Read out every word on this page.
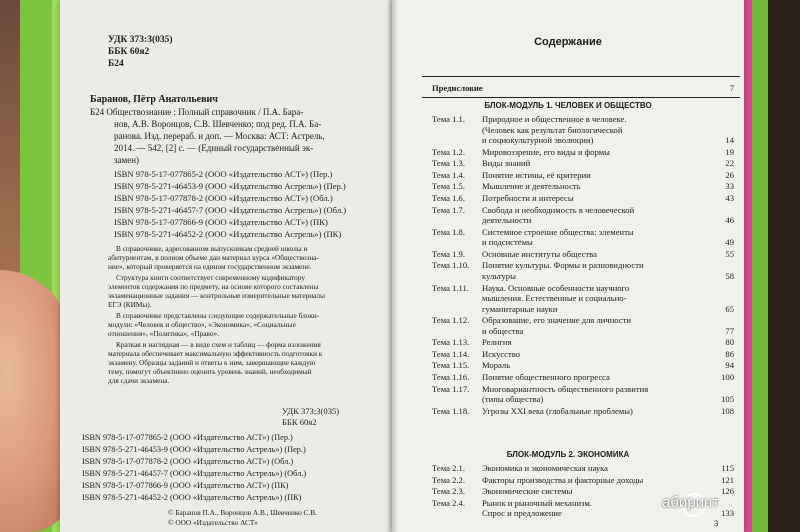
УДК 373:3(035)
ББК 60я2
Б24
Баранов, Пётр Анатольевич
Б24 Обществознание : Полный справочник / П.А. Бара-
нов, А.В. Воронцов, С.В. Шевченко; под ред. П.А. Ба-
ранова. Изд. перераб. и доп. — Москва: АСТ: Астрель,
2014. — 542, [2] с. — (Единый государственный эк-
замен)
ISBN 978-5-17-077865-2 (ООО «Издательство АСТ») (Пер.)
ISBN 978-5-271-46453-9 (ООО «Издательство Астрель») (Пер.)
ISBN 978-5-17-077878-2 (ООО «Издательство АСТ») (Обл.)
ISBN 978-5-271-46457-7 (ООО «Издательство Астрель») (Обл.)
ISBN 978-5-17-077866-9 (ООО «Издательство АСТ») (ПК)
ISBN 978-5-271-46452-2 (ООО «Издательство Астрель») (ПК)
В справочнике, адресованном выпускникам средней школы и
абитуриентам, в полном объеме дан материал курса «Обществозна-
ние», который проверяется на едином государственном экзамене.
Структура книги соответствует современному кодификатору
элементов содержания по предмету, на основе которого составлены
экзаменационные задания — контрольные измерительные материалы
ЕГЭ (КИМы).
В справочнике представлены следующие содержательные блоки-
модули: «Человек и общество», «Экономика», «Социальные
отношения», «Политика», «Право».
Краткая и наглядная — в виде схем и таблиц — форма изложения
материала обеспечивает максимальную эффективность подготовки к
экзамену. Образцы заданий и ответы к ним, завершающие каждую
тему, помогут объективно оценить уровень знаний, необходимый
для сдачи экзамена.
УДК 373:3(035)
ББК 60я2
ISBN 978-5-17-077865-2 (ООО «Издательство АСТ») (Пер.)
ISBN 978-5-271-46453-9 (ООО «Издательство Астрель») (Пер.)
ISBN 978-5-17-077878-2 (ООО «Издательство АСТ») (Обл.)
ISBN 978-5-271-46457-7 (ООО «Издательство Астрель») (Обл.)
ISBN 978-5-17-077866-9 (ООО «Издательство АСТ») (ПК)
ISBN 978-5-271-46452-2 (ООО «Издательство Астрель») (ПК)
© Баранов П.А., Воронцов А.В., Шевченко С.В.
© ООО «Издательство АСТ»
Содержание
Предисловие	7
БЛОК-МОДУЛЬ 1. ЧЕЛОВЕК И ОБЩЕСТВО
Тема 1.1. Природное и общественное в человеке.
(Человек как результат биологической
и социокультурной эволюции)	14
Тема 1.2. Мировоззрение, его виды и формы	19
Тема 1.3. Виды знаний	22
Тема 1.4. Понятие истины, её критерии	26
Тема 1.5. Мышление и деятельность	33
Тема 1.6. Потребности и интересы	43
Тема 1.7. Свобода и необходимость в человеческой
деятельности	46
Тема 1.8. Системное строение общества: элементы
и подсистемы	49
Тема 1.9. Основные институты общества	55
Тема 1.10. Понятие культуры. Формы и разновидности
культуры	58
Тема 1.11. Наука. Основные особенности научного
мышления. Естественные и социально-
гуманитарные науки	65
Тема 1.12. Образование, его значение для личности
и общества	77
Тема 1.13. Религия	80
Тема 1.14. Искусство	86
Тема 1.15. Мораль	94
Тема 1.16. Понятие общественного прогресса	100
Тема 1.17. Многовариантность общественного развития
(типы общества)	105
Тема 1.18. Угрозы XXI века (глобальные проблемы)	108
БЛОК-МОДУЛЬ 2. ЭКОНОМИКА
Тема 2.1. Экономика и экономическая наука	115
Тема 2.2. Факторы производства и факторные доходы	121
Тема 2.3. Экономические системы	126
Тема 2.4. Рынок и рыночный механизм.
Спрос и предложение	133
3
абиринт
